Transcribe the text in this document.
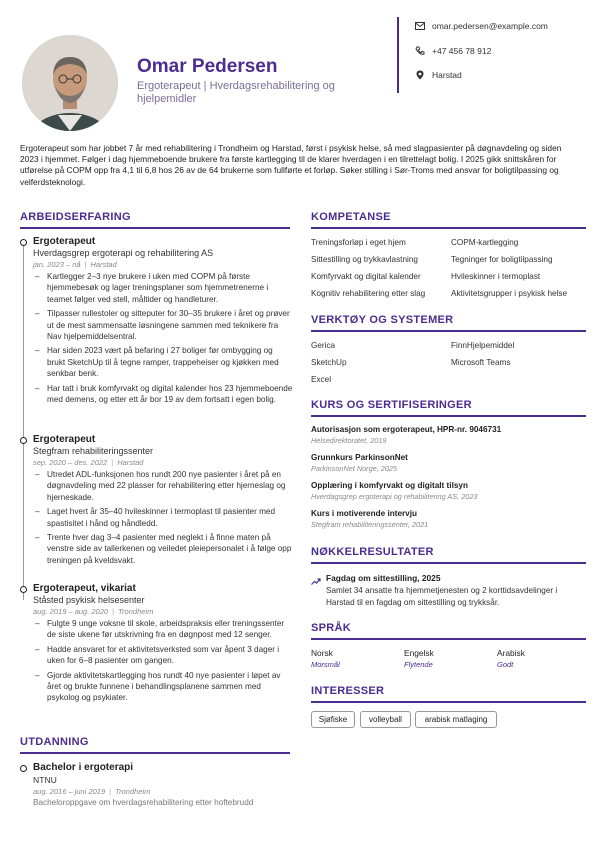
Omar Pedersen
Ergoterapeut | Hverdagsrehabilitering og hjelpemidler
omar.pedersen@example.com
+47 456 78 912
Harstad
Ergoterapeut som har jobbet 7 år med rehabilitering i Trondheim og Harstad, først i psykisk helse, så med slagpasienter på døgnavdeling og siden 2023 i hjemmet. Følger i dag hjemmeboende brukere fra første kartlegging til de klarer hverdagen i en tilrettelagt bolig. I 2025 gikk snittskåren for utførelse på COPM opp fra 4,1 til 6,8 hos 26 av de 64 brukerne som fullførte et forløp. Søker stilling i Sør-Troms med ansvar for boligtilpassing og velferdsteknologi.
ARBEIDSERFARING
Ergoterapeut
Hverdagsgrep ergoterapi og rehabilitering AS
jan. 2023 – nå | Harstad
– Kartlegger 2–3 nye brukere i uken med COPM på første hjemmebesøk og lager treningsplaner som hjemmetrenerne i teamet følger ved stell, måltider og handleturer.
– Tilpasser rullestoler og sitteputer for 30–35 brukere i året og prøver ut de mest sammensatte løsningene sammen med teknikere fra Nav hjelpemiddelsentral.
– Har siden 2023 vært på befaring i 27 boliger før ombygging og brukt SketchUp til å tegne ramper, trappeheiser og kjøkken med senkbar benk.
– Har tatt i bruk komfyrvakt og digital kalender hos 23 hjemmeboende med demens, og etter ett år bor 19 av dem fortsatt i egen bolig.
Ergoterapeut
Stegfram rehabiliteringssenter
sep. 2020 – des. 2022 | Harstad
– Utredet ADL-funksjonen hos rundt 200 nye pasienter i året på en døgnavdeling med 22 plasser for rehabilitering etter hjerneslag og hjerneskade.
– Laget hvert år 35–40 hvileskinner i termoplast til pasienter med spastisitet i hånd og håndledd.
– Trente hver dag 3–4 pasienter med neglekt i å finne maten på venstre side av tallerkenen og veiledet pleiepersonalet i å følge opp treningen på kveldsvakt.
Ergoterapeut, vikariat
Ståsted psykisk helsesenter
aug. 2019 – aug. 2020 | Trondheim
– Fulgte 9 unge voksne til skole, arbeidspraksis eller treningssenter de siste ukene før utskrivning fra en døgnpost med 12 senger.
– Hadde ansvaret for et aktivitetsverksted som var åpent 3 dager i uken for 6–8 pasienter om gangen.
– Gjorde aktivitetskartlegging hos rundt 40 nye pasienter i løpet av året og brukte funnene i behandlingsplanene sammen med psykolog og psykiater.
UTDANNING
Bachelor i ergoterapi
NTNU
aug. 2016 – juni 2019 | Trondheim
Bacheloroppgave om hverdagsrehabilitering etter hoftebrudd
KOMPETANSE
Treningsforløp i eget hjem	COPM-kartlegging
Sittestilling og trykkavlastning	Tegninger for boligtilpassing
Komfyrvakt og digital kalender	Hvileskinner i termoplast
Kognitiv rehabilitering etter slag	Aktivitetsgrupper i psykisk helse
VERKTØY OG SYSTEMER
Gerica	FinnHjelpemiddel
SketchUp	Microsoft Teams
Excel
KURS OG SERTIFISERINGER
Autorisasjon som ergoterapeut, HPR-nr. 9046731
Helsedirektoratet, 2019
Grunnkurs ParkinsonNet
ParkinsonNet Norge, 2025
Opplæring i komfyrvakt og digitalt tilsyn
Hverdagsgrep ergoterapi og rehabilitering AS, 2023
Kurs i motiverende intervju
Stegfram rehabiliteringssenter, 2021
NØKKELRESULTATER
Fagdag om sittestilling, 2025
Samlet 34 ansatte fra hjemmetjenesten og 2 korttidsavdelinger i Harstad til en fagdag om sittestilling og trykksår.
SPRÅK
Norsk
Morsmål
Engelsk
Flytende
Arabisk
Godt
INTERESSER
Sjøfiske	volleyball	arabisk matlaging
